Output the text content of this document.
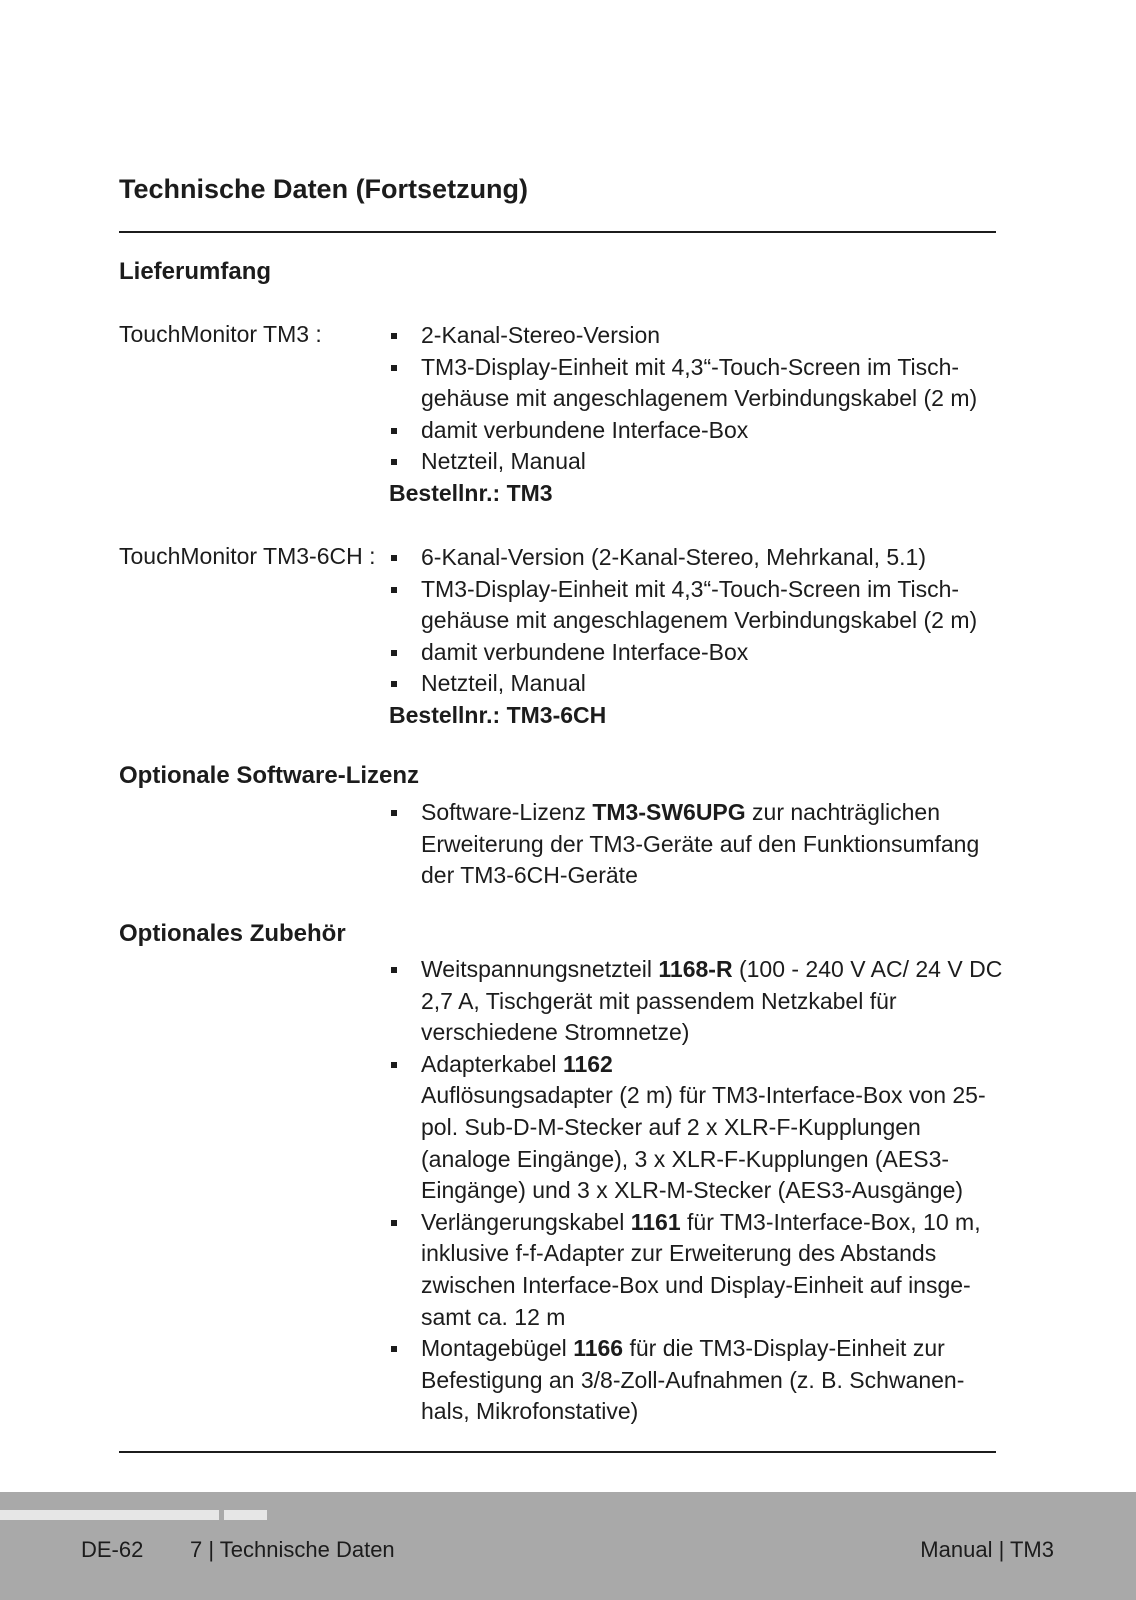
Technische Daten (Fortsetzung)
Lieferumfang
TouchMonitor TM3 :	2-Kanal-Stereo-Version
TM3-Display-Einheit mit 4,3“-Touch-Screen im Tisch-gehäuse mit angeschlagenem Verbindungskabel (2 m)
damit verbundene Interface-Box
Netzteil, Manual
Bestellnr.: TM3
TouchMonitor TM3-6CH :	6-Kanal-Version (2-Kanal-Stereo, Mehrkanal, 5.1)
TM3-Display-Einheit mit 4,3“-Touch-Screen im Tisch-gehäuse mit angeschlagenem Verbindungskabel (2 m)
damit verbundene Interface-Box
Netzteil, Manual
Bestellnr.: TM3-6CH
Optionale Software-Lizenz
Software-Lizenz TM3-SW6UPG zur nachträglichen Erweiterung der TM3-Geräte auf den Funktionsumfang der TM3-6CH-Geräte
Optionales Zubehör
Weitspannungsnetzteil 1168-R (100 - 240 V AC/ 24 V DC 2,7 A, Tischgerät mit passendem Netzkabel für verschiedene Stromnetze)
Adapterkabel 1162
Auflösungsadapter (2 m) für TM3-Interface-Box von 25-pol. Sub-D-M-Stecker auf 2 x XLR-F-Kupplungen (analoge Eingänge), 3 x XLR-F-Kupplungen (AES3-Eingänge) und 3 x XLR-M-Stecker (AES3-Ausgänge)
Verlängerungskabel 1161 für TM3-Interface-Box, 10 m, inklusive f-f-Adapter zur Erweiterung des Abstands zwischen Interface-Box und Display-Einheit auf insge-samt ca. 12 m
Montagebügel 1166 für die TM3-Display-Einheit zur Befestigung an 3/8-Zoll-Aufnahmen (z. B. Schwanen-hals, Mikrofonstative)
DE-62 7 | Technische Daten	Manual | TM3
